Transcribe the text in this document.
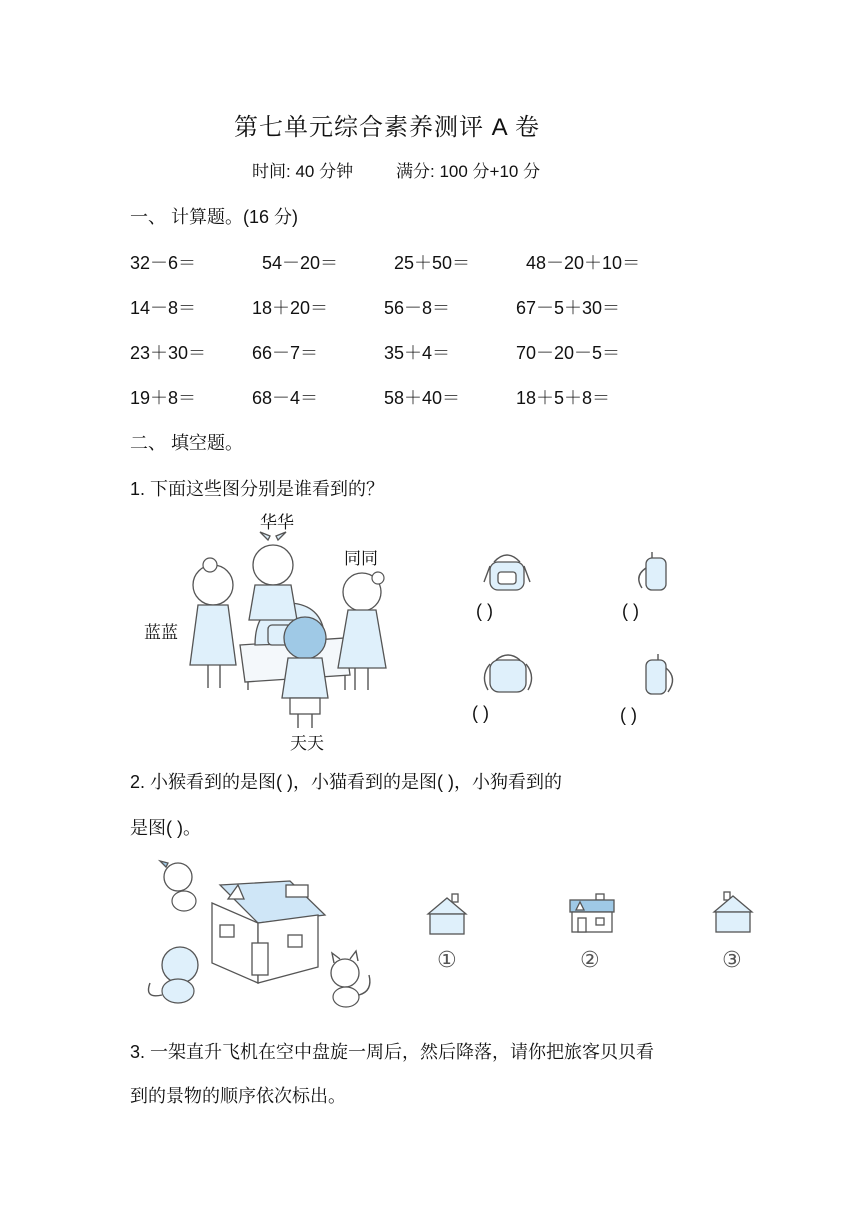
第七单元综合素养测评 A 卷
时间: 40 分钟	满分: 100 分+10 分
一、 计算题。(16 分)
32－6＝	54－20＝	25＋50＝	48－20＋10＝
14－8＝	18＋20＝	56－8＝	67－5＋30＝
23＋30＝	66－7＝	35＋4＝	70－20－5＝
19＋8＝	68－4＝	58＋40＝	18＋5＋8＝
二、 填空题。
1. 下面这些图分别是谁看到的？
华华
同同
蓝蓝
天天
( )	( )
( )	( )
2. 小猴看到的是图( )，小猫看到的是图( )，小狗看到的
是图( )。
①	②	③
3. 一架直升飞机在空中盘旋一周后，然后降落，请你把旅客贝贝看
到的景物的顺序依次标出。
